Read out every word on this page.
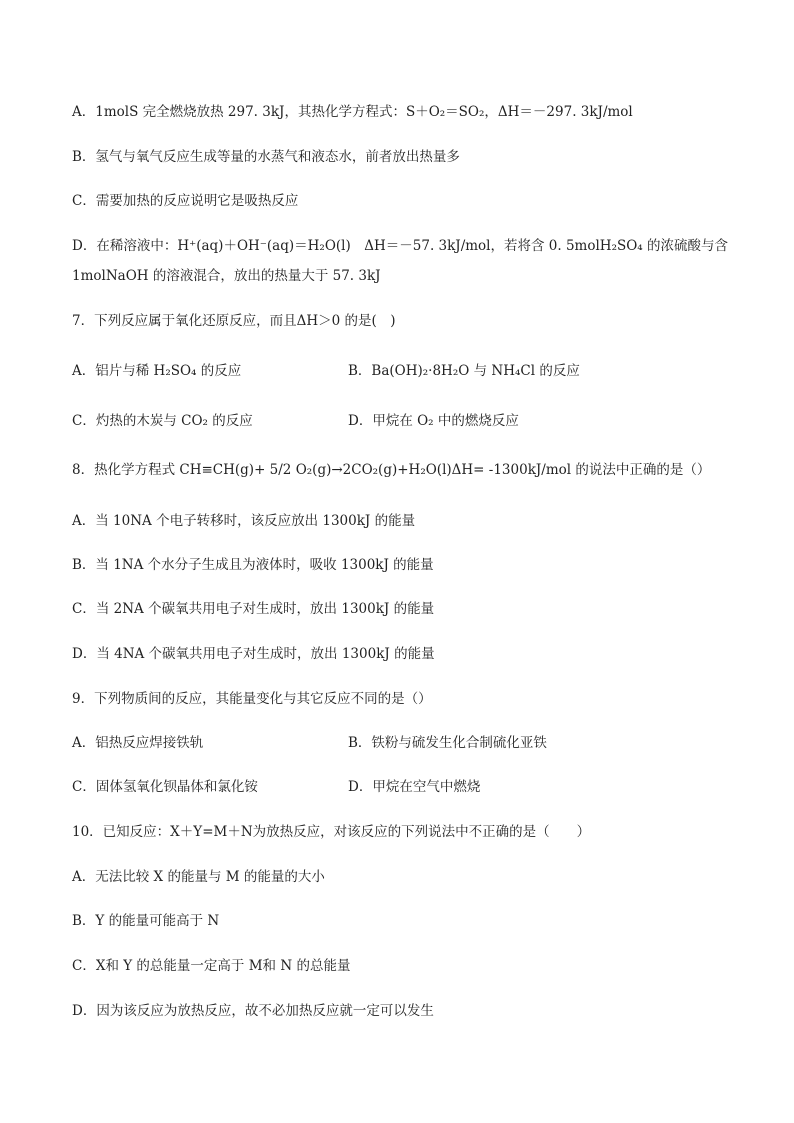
A．1molS 完全燃烧放热 297. 3kJ，其热化学方程式：S＋O₂＝SO₂，ΔH＝－297. 3kJ/mol
B．氢气与氧气反应生成等量的水蒸气和液态水，前者放出热量多
C．需要加热的反应说明它是吸热反应
D．在稀溶液中：H⁺(aq)＋OH⁻(aq)＝H₂O(l)　ΔH＝－57. 3kJ/mol，若将含 0. 5molH₂SO₄ 的浓硫酸与含
1molNaOH 的溶液混合，放出的热量大于 57. 3kJ
7．下列反应属于氧化还原反应，而且ΔH＞0 的是(　)
A．铝片与稀 H₂SO₄ 的反应	B．Ba(OH)₂·8H₂O 与 NH₄Cl 的反应
C．灼热的木炭与 CO₂ 的反应	D．甲烷在 O₂ 中的燃烧反应
8．热化学方程式 CH≡CH(g)+ 5/2 O₂(g)→2CO₂(g)+H₂O(l)ΔH= -1300kJ/mol 的说法中正确的是（）
A．当 10NA 个电子转移时，该反应放出 1300kJ 的能量
B．当 1NA 个水分子生成且为液体时，吸收 1300kJ 的能量
C．当 2NA 个碳氧共用电子对生成时，放出 1300kJ 的能量
D．当 4NA 个碳氧共用电子对生成时，放出 1300kJ 的能量
9．下列物质间的反应，其能量变化与其它反应不同的是（）
A．铝热反应焊接铁轨	B．铁粉与硫发生化合制硫化亚铁
C．固体氢氧化钡晶体和氯化铵	D．甲烷在空气中燃烧
10．已知反应：X＋Y=M＋N为放热反应，对该反应的下列说法中不正确的是（　　）
A．无法比较 X 的能量与 M 的能量的大小
B．Y 的能量可能高于 N
C．X和 Y 的总能量一定高于 M和 N 的总能量
D．因为该反应为放热反应，故不必加热反应就一定可以发生
